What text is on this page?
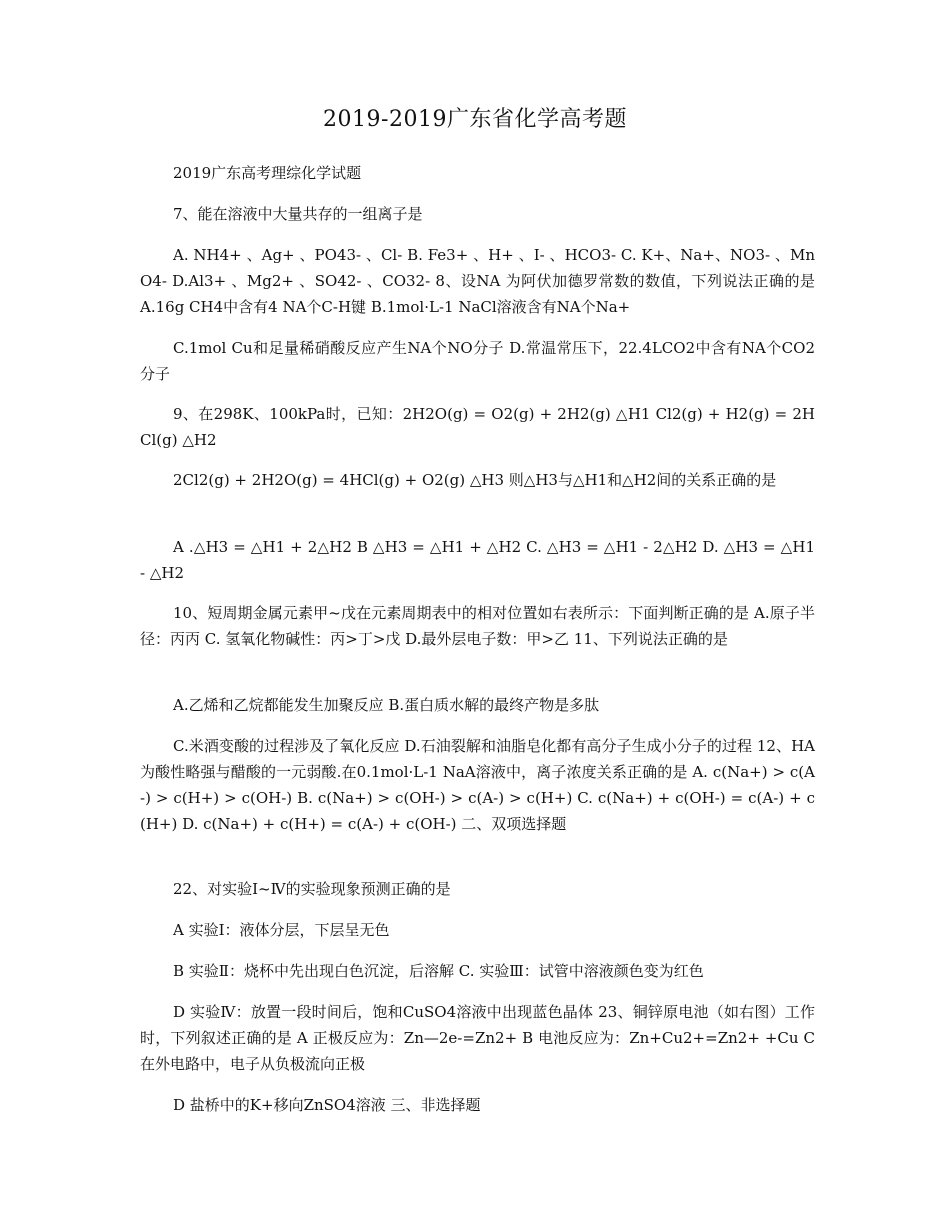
2019-2019广东省化学高考题
2019广东高考理综化学试题
7、能在溶液中大量共存的一组离子是
A. NH4+ 、Ag+ 、PO43- 、Cl- B. Fe3+ 、H+ 、I- 、HCO3- C. K+、Na+、NO3- 、MnO4- D.Al3+ 、Mg2+ 、SO42- 、CO32- 8、设NA 为阿伏加德罗常数的数值，下列说法正确的是 A.16g CH4中含有4 NA个C-H键 B.1mol·L-1 NaCl溶液含有NA个Na+
C.1mol Cu和足量稀硝酸反应产生NA个NO分子 D.常温常压下，22.4LCO2中含有NA个CO2分子
9、在298K、100kPa时，已知：2H2O(g) = O2(g) + 2H2(g) △H1 Cl2(g) + H2(g) = 2HCl(g) △H2
2Cl2(g) + 2H2O(g) = 4HCl(g) + O2(g) △H3 则△H3与△H1和△H2间的关系正确的是
A .△H3 = △H1 + 2△H2 B △H3 = △H1 + △H2 C. △H3 = △H1 - 2△H2 D. △H3 = △H1 - △H2
10、短周期金属元素甲~戊在元素周期表中的相对位置如右表所示：下面判断正确的是 A.原子半径：丙丙 C. 氢氧化物碱性：丙>丁>戊 D.最外层电子数：甲>乙 11、下列说法正确的是
A.乙烯和乙烷都能发生加聚反应 B.蛋白质水解的最终产物是多肽
C.米酒变酸的过程涉及了氧化反应 D.石油裂解和油脂皂化都有高分子生成小分子的过程 12、HA为酸性略强与醋酸的一元弱酸.在0.1mol·L-1 NaA溶液中，离子浓度关系正确的是 A. c(Na+) > c(A-) > c(H+) > c(OH-) B. c(Na+) > c(OH-) > c(A-) > c(H+) C. c(Na+) + c(OH-) = c(A-) + c(H+) D. c(Na+) + c(H+) = c(A-) + c(OH-) 二、双项选择题
22、对实验Ⅰ~Ⅳ的实验现象预测正确的是
A 实验Ⅰ：液体分层，下层呈无色
B 实验Ⅱ：烧杯中先出现白色沉淀，后溶解 C. 实验Ⅲ：试管中溶液颜色变为红色
D 实验Ⅳ：放置一段时间后，饱和CuSO4溶液中出现蓝色晶体 23、铜锌原电池（如右图）工作时，下列叙述正确的是 A 正极反应为：Zn—2e-=Zn2+ B 电池反应为：Zn+Cu2+=Zn2+ +Cu C 在外电路中，电子从负极流向正极
D 盐桥中的K+移向ZnSO4溶液 三、非选择题
